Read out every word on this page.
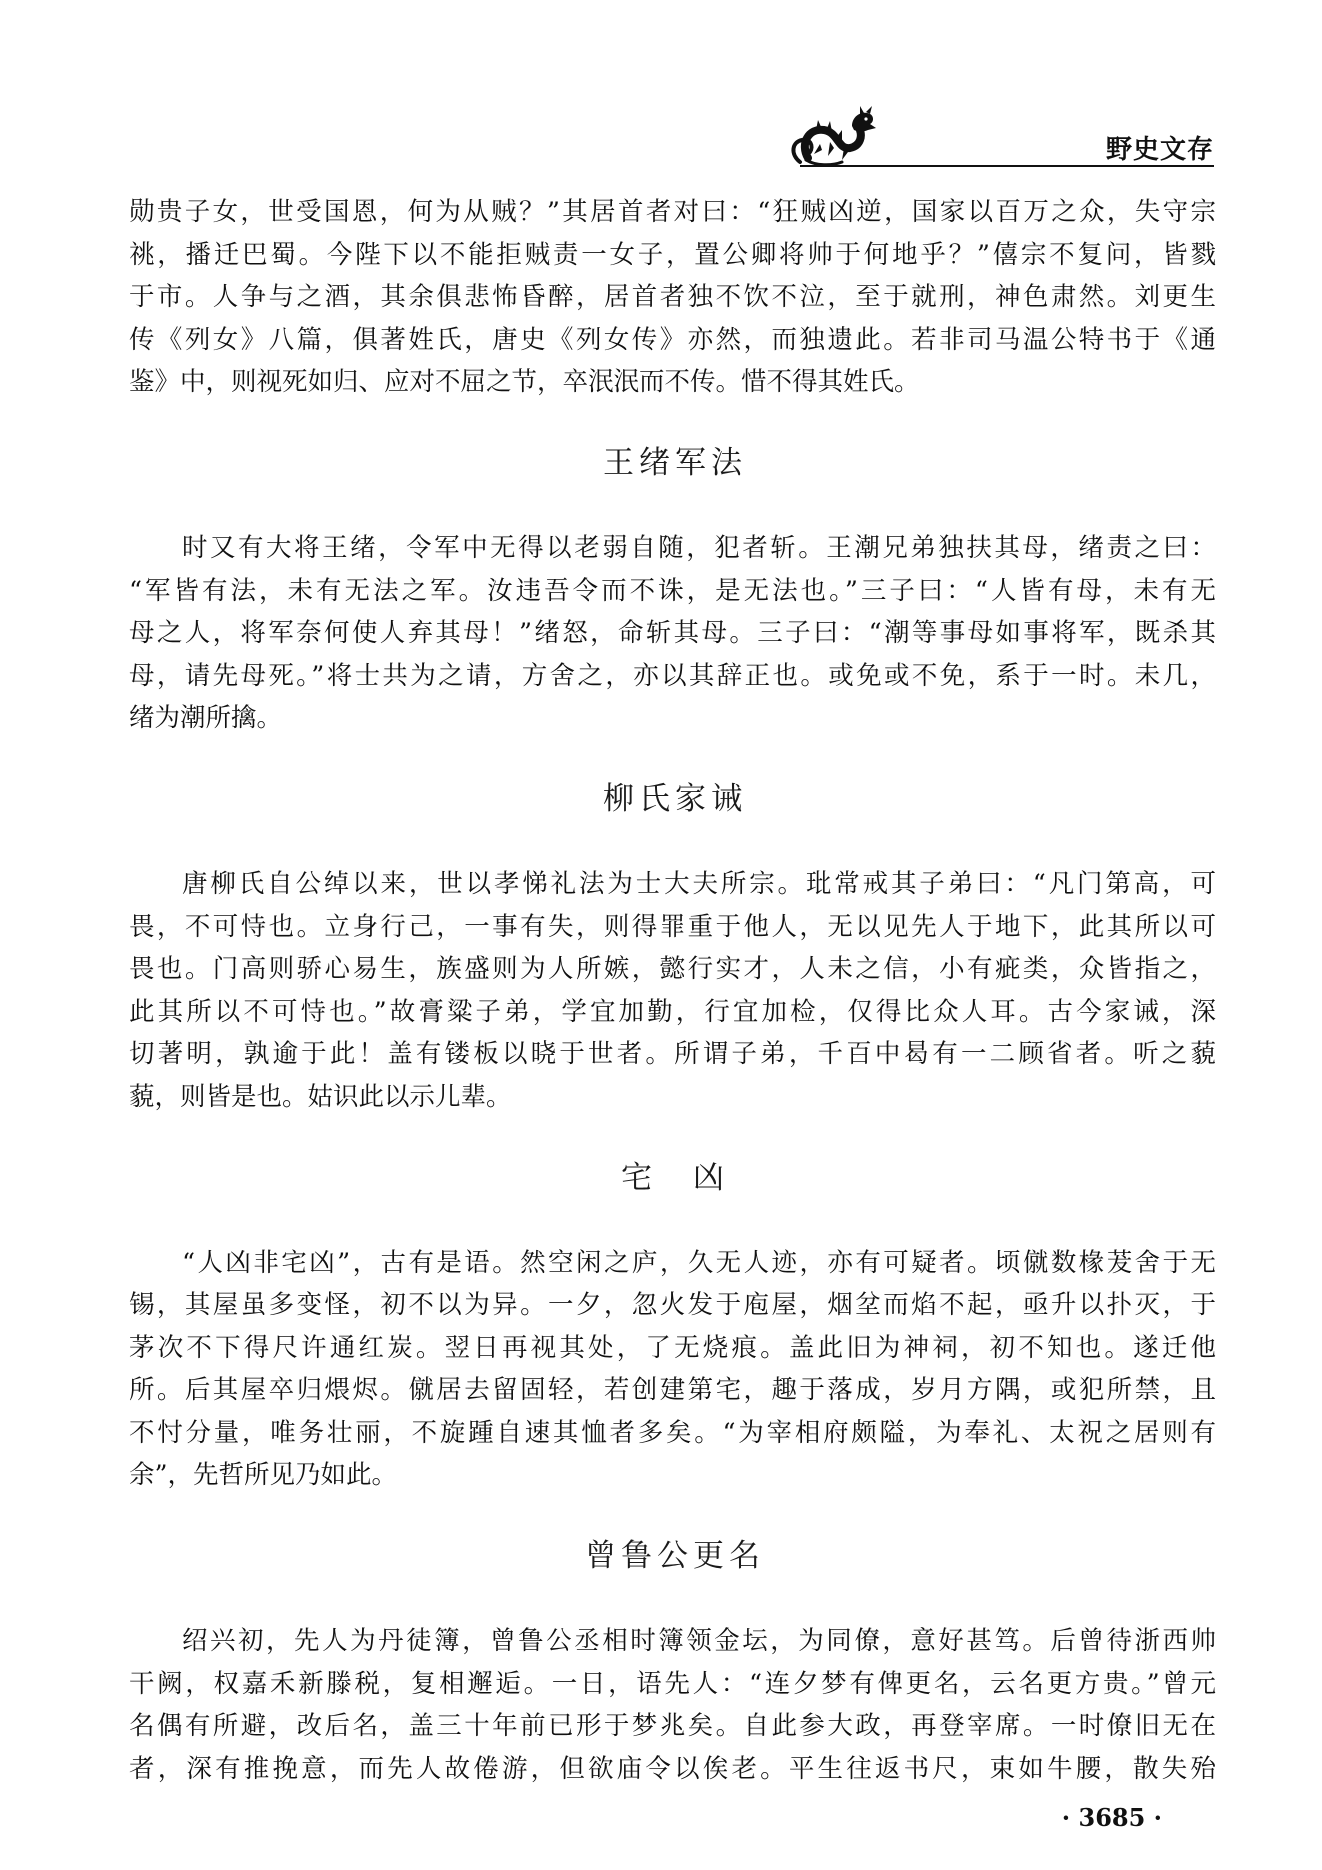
野史文存
勋贵子女，世受国恩，何为从贼？”其居首者对曰：“狂贼凶逆，国家以百万之众，失守宗
祧，播迁巴蜀。今陛下以不能拒贼责一女子，置公卿将帅于何地乎？”僖宗不复问，皆戮
于市。人争与之酒，其余俱悲怖昏醉，居首者独不饮不泣，至于就刑，神色肃然。刘更生
传《列女》八篇，俱著姓氏，唐史《列女传》亦然，而独遗此。若非司马温公特书于《通
鉴》中，则视死如归、应对不屈之节，卒泯泯而不传。惜不得其姓氏。
王绪军法
时又有大将王绪，令军中无得以老弱自随，犯者斩。王潮兄弟独扶其母，绪责之曰：
“军皆有法，未有无法之军。汝违吾令而不诛，是无法也。”三子曰：“人皆有母，未有无
母之人，将军奈何使人弃其母！”绪怒，命斩其母。三子曰：“潮等事母如事将军，既杀其
母，请先母死。”将士共为之请，方舍之，亦以其辞正也。或免或不免，系于一时。未几，
绪为潮所擒。
柳氏家诫
唐柳氏自公绰以来，世以孝悌礼法为士大夫所宗。玭常戒其子弟曰：“凡门第高，可
畏，不可恃也。立身行己，一事有失，则得罪重于他人，无以见先人于地下，此其所以可
畏也。门高则骄心易生，族盛则为人所嫉，懿行实才，人未之信，小有疵类，众皆指之，
此其所以不可恃也。”故膏粱子弟，学宜加勤，行宜加检，仅得比众人耳。古今家诫，深
切著明，孰逾于此！盖有镂板以晓于世者。所谓子弟，千百中曷有一二顾省者。听之藐
藐，则皆是也。姑识此以示儿辈。
宅　凶
“人凶非宅凶”，古有是语。然空闲之庐，久无人迹，亦有可疑者。顷僦数椽茇舍于无
锡，其屋虽多变怪，初不以为异。一夕，忽火发于庖屋，烟坌而焰不起，亟升以扑灭，于
茅次不下得尺许通红炭。翌日再视其处，了无烧痕。盖此旧为神祠，初不知也。遂迁他
所。后其屋卒归煨烬。僦居去留固轻，若创建第宅，趣于落成，岁月方隅，或犯所禁，且
不忖分量，唯务壮丽，不旋踵自速其恤者多矣。“为宰相府颇隘，为奉礼、太祝之居则有
余”，先哲所见乃如此。
曾鲁公更名
绍兴初，先人为丹徒簿，曾鲁公丞相时簿领金坛，为同僚，意好甚笃。后曾待浙西帅
干阙，权嘉禾新滕税，复相邂逅。一日，语先人：“连夕梦有俾更名，云名更方贵。”曾元
名偶有所避，改后名，盖三十年前已形于梦兆矣。自此参大政，再登宰席。一时僚旧无在
者，深有推挽意，而先人故倦游，但欲庙令以俟老。平生往返书尺，束如牛腰，散失殆
· 3685 ·
